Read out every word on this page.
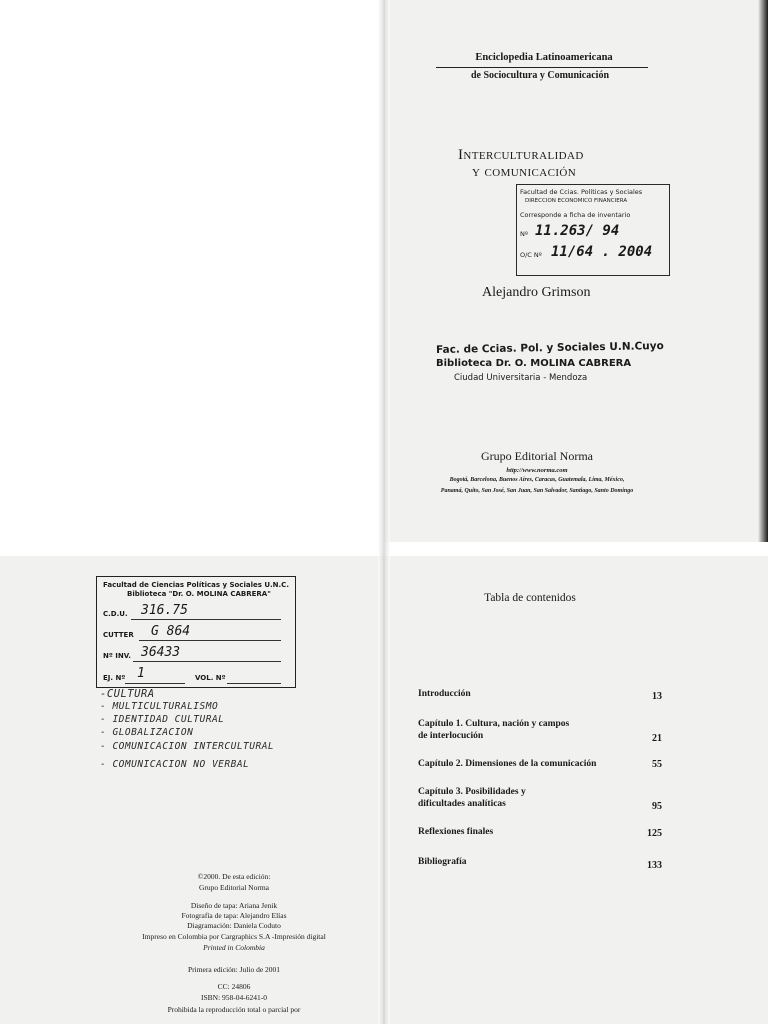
Enciclopedia Latinoamericana
de Sociocultura y Comunicación
Interculturalidad
y comunicación
Facultad de Ccias. Políticas y Sociales
DIRECCION ECONOMICO FINANCIERA
Corresponde a ficha de inventario
Nº 11.263/ 94
O/C Nº 11/64 . 2004
Alejandro Grimson
Fac. de Ccias. Pol. y Sociales U.N.Cuyo
Biblioteca Dr. O. MOLINA CABRERA
Ciudad Universitaria - Mendoza
Grupo Editorial Norma
http://www.norma.com
Bogotá, Barcelona, Buenos Aires, Caracas, Guatemala, Lima, México,
Panamá, Quito, San José, San Juan, San Salvador, Santiago, Santo Domingo
Facultad de Ciencias Políticas y Sociales U.N.C.
Biblioteca "Dr. O. MOLINA CABRERA"
C.D.U. 316.75
CUTTER G 864
Nº INV. 36433
EJ. Nº 1	VOL. Nº
-CULTURA
- MULTICULTURALISMO
- IDENTIDAD CULTURAL
- GLOBALIZACION
- COMUNICACION INTERCULTURAL
- COMUNICACION NO VERBAL
©2000. De esta edición:
Grupo Editorial Norma
Diseño de tapa: Ariana Jenik
Fotografía de tapa: Alejandro Elías
Diagramación: Daniela Coduto
Impreso en Colombia por Cargraphics S.A -Impresión digital
Printed in Colombia
Primera edición: Julio de 2001
CC: 24806
ISBN: 958-04-6241-0
Prohibida la reproducción total o parcial por
Tabla de contenidos
Introducción	13
Capítulo 1. Cultura, nación y campos
de interlocución	21
Capítulo 2. Dimensiones de la comunicación	55
Capítulo 3. Posibilidades y
dificultades analíticas	95
Reflexiones finales	125
Bibliografía	133
